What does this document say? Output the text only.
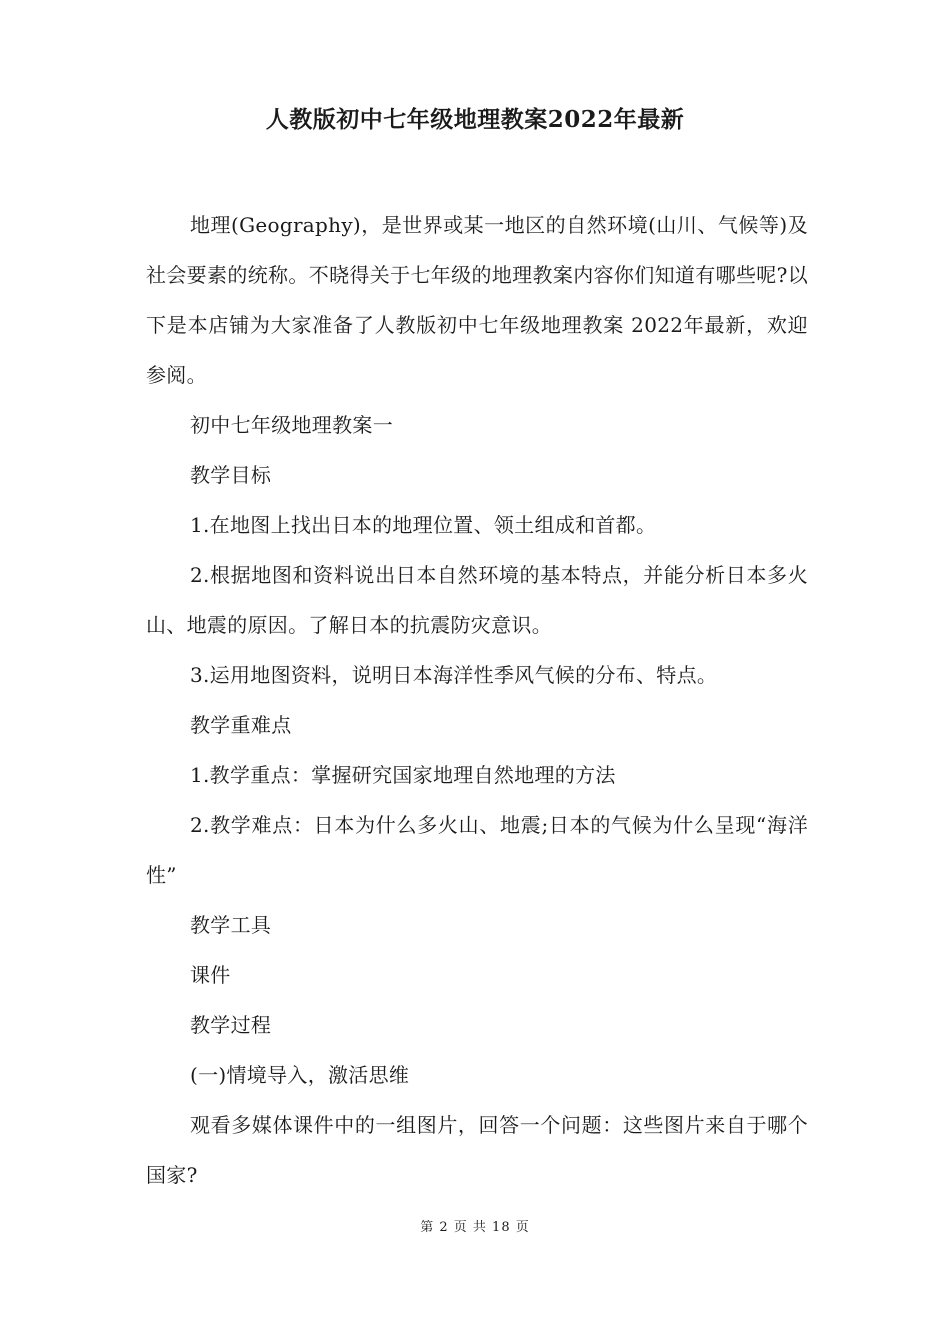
人教版初中七年级地理教案2022年最新

地理(Geography)，是世界或某一地区的自然环境(山川、气候等)及社会要素的统称。不晓得关于七年级的地理教案内容你们知道有哪些呢?以下是本店铺为大家准备了人教版初中七年级地理教案 2022年最新，欢迎参阅。

初中七年级地理教案一

教学目标

1.在地图上找出日本的地理位置、领土组成和首都。

2.根据地图和资料说出日本自然环境的基本特点，并能分析日本多火山、地震的原因。了解日本的抗震防灾意识。

3.运用地图资料，说明日本海洋性季风气候的分布、特点。

教学重难点

1.教学重点：掌握研究国家地理自然地理的方法

2.教学难点：日本为什么多火山、地震;日本的气候为什么呈现“海洋性”

教学工具

课件

教学过程

(一)情境导入，激活思维

观看多媒体课件中的一组图片，回答一个问题：这些图片来自于哪个国家?

第 2 页 共 18 页
